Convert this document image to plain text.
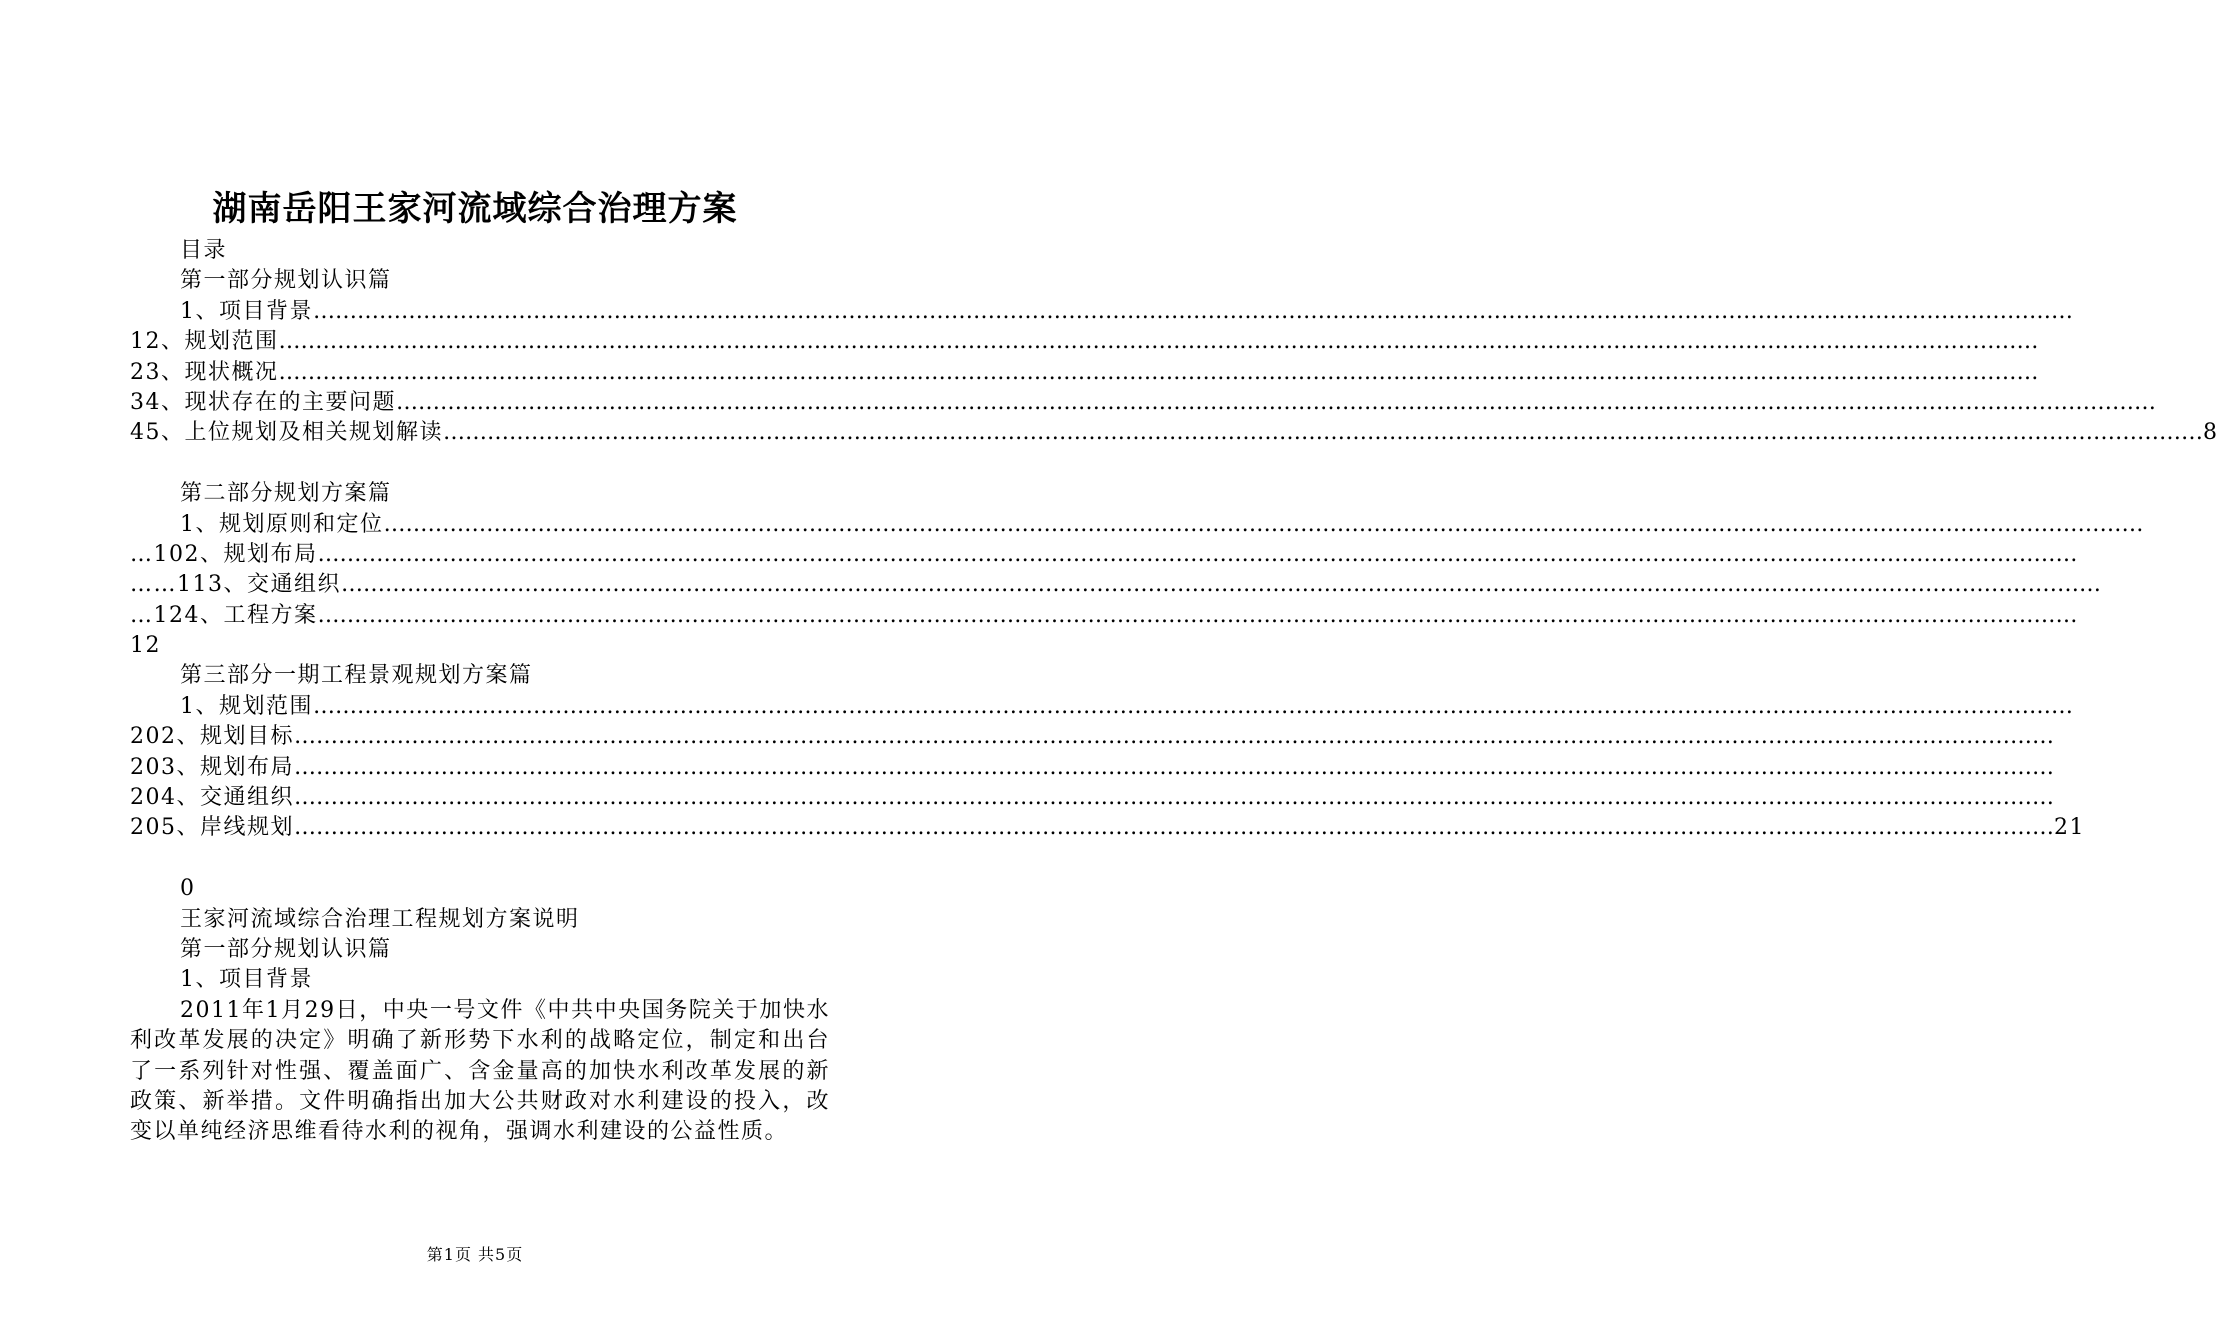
湖南岳阳王家河流域综合治理方案
目录
第一部分规划认识篇
1、项目背景 ……………………………………………………………………………………………………………………………………………………………………………………………………………………
12、规划范围 ……………………………………………………………………………………………………………………………………………………………………………………………………………………
23、现状概况 ……………………………………………………………………………………………………………………………………………………………………………………………………………………
34、现状存在的主要问题 ……………………………………………………………………………………………………………………………………………………………………………………………………………………
45、上位规划及相关规划解读 …………………………………………………………………………………………………………………………………………………………………………………………………………………… 8
第二部分规划方案篇
1、规划原则和定位 ……………………………………………………………………………………………………………………………………………………………………………………………………………………
…102、规划布局 ……………………………………………………………………………………………………………………………………………………………………………………………………………………
……113、交通组织 ……………………………………………………………………………………………………………………………………………………………………………………………………………………
…124、工程方案 ……………………………………………………………………………………………………………………………………………………………………………………………………………………
12
第三部分一期工程景观规划方案篇
1、规划范围 ……………………………………………………………………………………………………………………………………………………………………………………………………………………
202、规划目标 ……………………………………………………………………………………………………………………………………………………………………………………………………………………
203、规划布局 ……………………………………………………………………………………………………………………………………………………………………………………………………………………
204、交通组织 ……………………………………………………………………………………………………………………………………………………………………………………………………………………
205、岸线规划 …………………………………………………………………………………………………………………………………………………………………………………………………………………… 21
0
王家河流域综合治理工程规划方案说明
第一部分规划认识篇
1、项目背景

2011年1月29日，中央一号文件《中共中央国务院关于加快水利改革发展的决定》明确了新形势下水利的战略定位，制定和出台了一系列针对性强、覆盖面广、含金量高的加快水利改革发展的新政策、新举措。文件明确指出加大公共财政对水利建设的投入，改变以单纯经济思维看待水利的视角，强调水利建设的公益性质。

第1页 共5页
